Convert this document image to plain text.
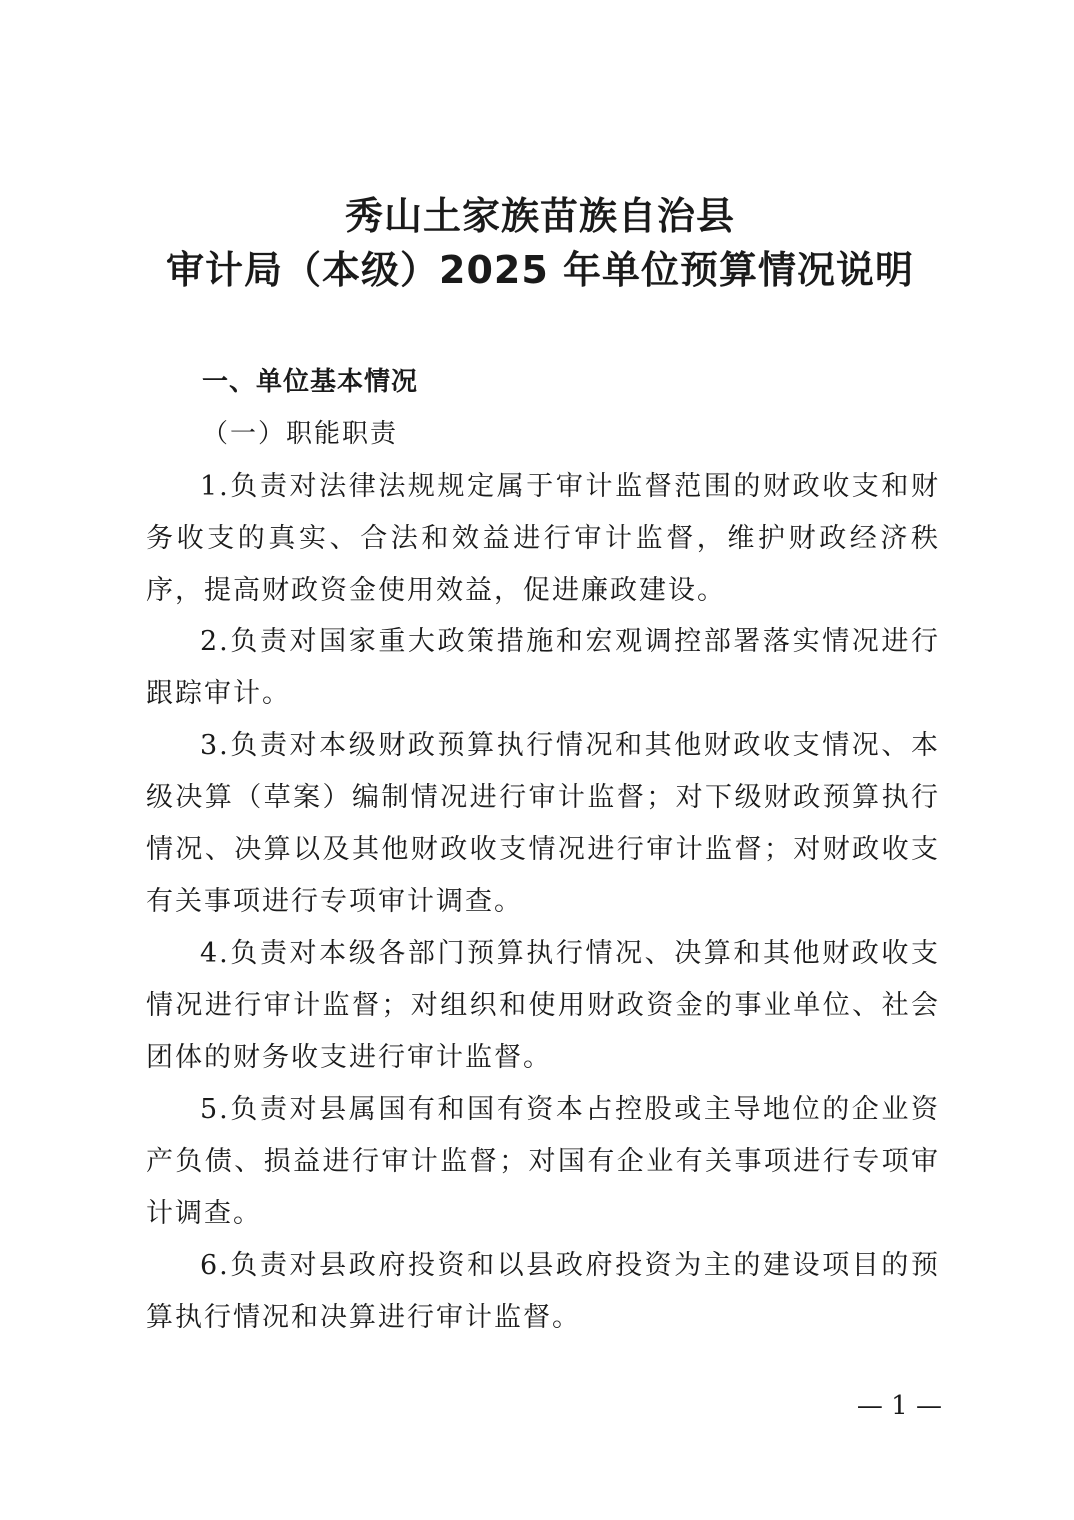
秀山土家族苗族自治县
审计局（本级）2025 年单位预算情况说明
一、单位基本情况
（一）职能职责

1.负责对法律法规规定属于审计监督范围的财政收支和财务收支的真实、合法和效益进行审计监督，维护财政经济秩序，提高财政资金使用效益，促进廉政建设。

2.负责对国家重大政策措施和宏观调控部署落实情况进行跟踪审计。

3.负责对本级财政预算执行情况和其他财政收支情况、本级决算（草案）编制情况进行审计监督；对下级财政预算执行情况、决算以及其他财政收支情况进行审计监督；对财政收支有关事项进行专项审计调查。

4.负责对本级各部门预算执行情况、决算和其他财政收支情况进行审计监督；对组织和使用财政资金的事业单位、社会团体的财务收支进行审计监督。

5.负责对县属国有和国有资本占控股或主导地位的企业资产负债、损益进行审计监督；对国有企业有关事项进行专项审计调查。

6.负责对县政府投资和以县政府投资为主的建设项目的预算执行情况和决算进行审计监督。

— 1 —
